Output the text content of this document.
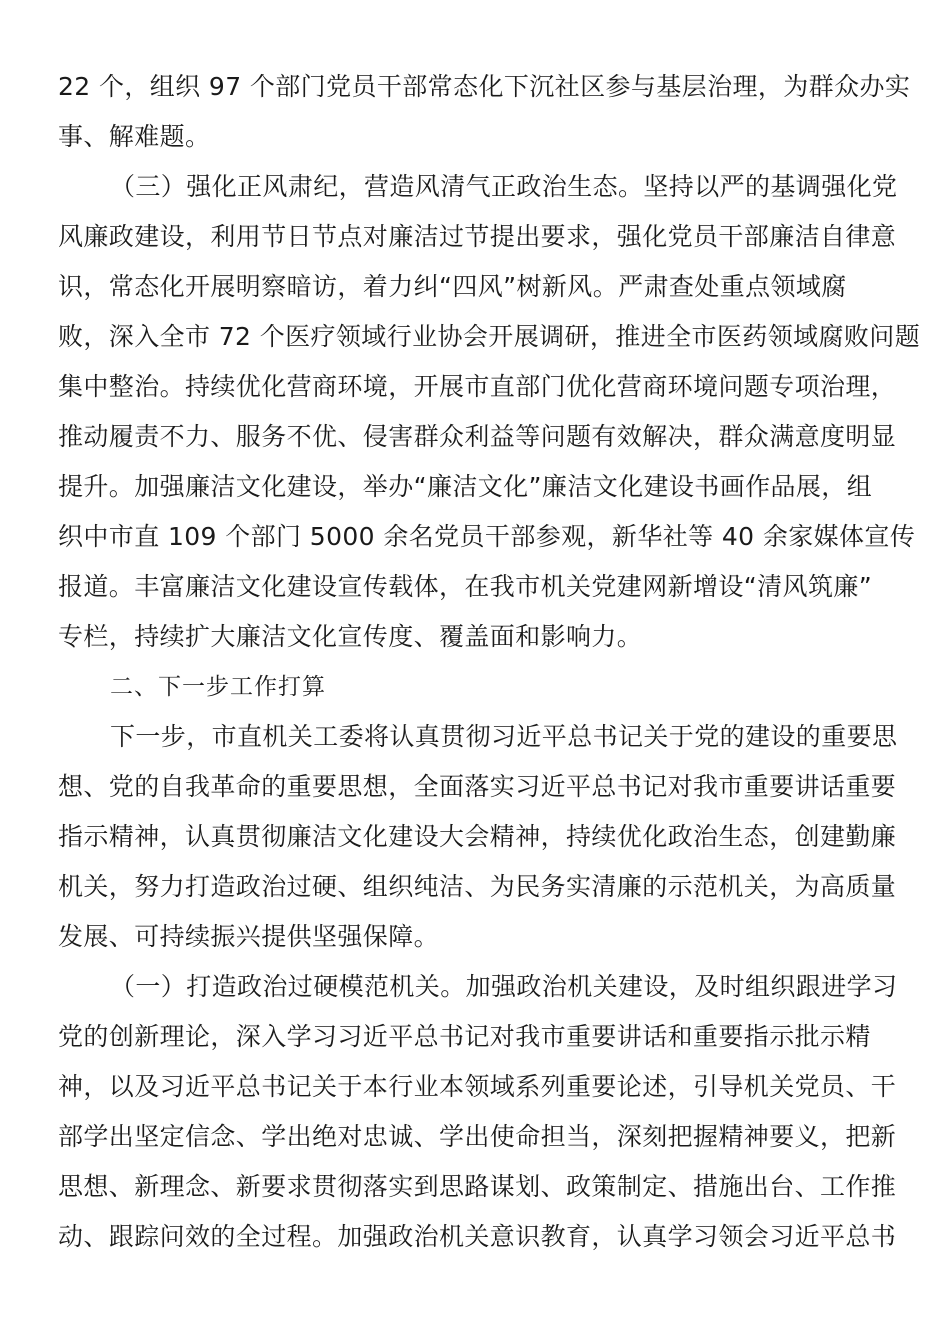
22 个，组织 97 个部门党员干部常态化下沉社区参与基层治理，为群众办实
事、解难题。
（三）强化正风肃纪，营造风清气正政治生态。坚持以严的基调强化党
风廉政建设，利用节日节点对廉洁过节提出要求，强化党员干部廉洁自律意
识，常态化开展明察暗访，着力纠“四风”树新风。严肃查处重点领域腐
败，深入全市 72 个医疗领域行业协会开展调研，推进全市医药领域腐败问题
集中整治。持续优化营商环境，开展市直部门优化营商环境问题专项治理，
推动履责不力、服务不优、侵害群众利益等问题有效解决，群众满意度明显
提升。加强廉洁文化建设，举办“廉洁文化”廉洁文化建设书画作品展，组
织中市直 109 个部门 5000 余名党员干部参观，新华社等 40 余家媒体宣传
报道。丰富廉洁文化建设宣传载体，在我市机关党建网新增设“清风筑廉”
专栏，持续扩大廉洁文化宣传度、覆盖面和影响力。
二、下一步工作打算
下一步，市直机关工委将认真贯彻习近平总书记关于党的建设的重要思
想、党的自我革命的重要思想，全面落实习近平总书记对我市重要讲话重要
指示精神，认真贯彻廉洁文化建设大会精神，持续优化政治生态，创建勤廉
机关，努力打造政治过硬、组织纯洁、为民务实清廉的示范机关，为高质量
发展、可持续振兴提供坚强保障。
（一）打造政治过硬模范机关。加强政治机关建设，及时组织跟进学习
党的创新理论，深入学习习近平总书记对我市重要讲话和重要指示批示精
神，以及习近平总书记关于本行业本领域系列重要论述，引导机关党员、干
部学出坚定信念、学出绝对忠诚、学出使命担当，深刻把握精神要义，把新
思想、新理念、新要求贯彻落实到思路谋划、政策制定、措施出台、工作推
动、跟踪问效的全过程。加强政治机关意识教育，认真学习领会习近平总书
